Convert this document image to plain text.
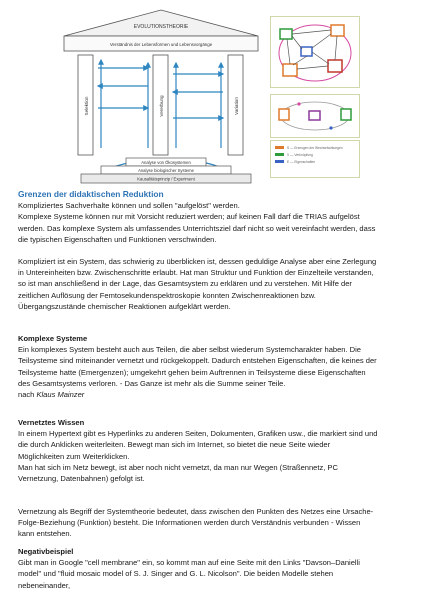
EVOLUTIONSTHEORIE
Verständnis der Lebensformen und Lebensvorgänge
Selektion	Vererbung	Variation
Analyse von Ökosystemen
Analyse biologischer Systeme
Kausalitätsprinzip / Experiment
S — Erzeugen der Wechselwirkungen
V — Verknüpfung
E — Eigenschaften

Grenzen der didaktischen Reduktion

Kompliziertes Sachverhalte können und sollen "aufgelöst" werden.

Komplexe Systeme können nur mit Vorsicht reduziert werden; auf keinen Fall darf die TRIAS aufgelöst

werden. Das komplexe System als umfassendes Unterrichtsziel darf nicht so weit vereinfacht werden, dass

die typischen Eigenschaften und Funktionen verschwinden.

Kompliziert ist ein System, das schwierig zu überblicken ist, dessen geduldige Analyse aber eine Zerlegung

in Untereinheiten bzw. Zwischenschritte erlaubt. Hat man Struktur und Funktion der Einzelteile verstanden,

so ist man anschließend in der Lage, das Gesamtsystem zu erklären und zu verstehen. Mit Hilfe der

zeitlichen Auflösung der Femtosekundenspektroskopie konnten Zwischenreaktionen bzw.

Übergangszustände chemischer Reaktionen aufgeklärt werden.

Komplexe Systeme

Ein komplexes System besteht auch aus Teilen, die aber selbst wiederum Systemcharakter haben. Die

Teilsysteme sind miteinander vernetzt und rückgekoppelt. Dadurch entstehen Eigenschaften, die keines der

Teilsysteme hatte (Emergenzen); umgekehrt gehen beim Auftrennen in Teilsysteme diese Eigenschaften

des Gesamtsystems verloren. - Das Ganze ist mehr als die Summe seiner Teile.

nach Klaus Mainzer

Vernetztes Wissen

In einem Hypertext gibt es Hyperlinks zu anderen Seiten, Dokumenten, Grafiken usw., die markiert sind und

die durch Anklicken weiterleiten. Bewegt man sich im Internet, so bietet die neue Seite wieder

Möglichkeiten zum Weiterklicken.

Man hat sich im Netz bewegt, ist aber noch nicht vernetzt, da man nur Wegen (Straßennetz, PC

Vernetzung, Datenbahnen) gefolgt ist.

Vernetzung als Begriff der Systemtheorie bedeutet, dass zwischen den Punkten des Netzes eine Ursache-

Folge-Beziehung (Funktion) besteht. Die Informationen werden durch Verständnis verbunden - Wissen

kann entstehen.

Negativbeispiel

Gibt man in Google "cell membrane" ein, so kommt man auf eine Seite mit den Links "Davson–Danielli

model" und "fluid mosaic model of S. J. Singer and G. L. Nicolson". Die beiden Modelle stehen

nebeneinander,
